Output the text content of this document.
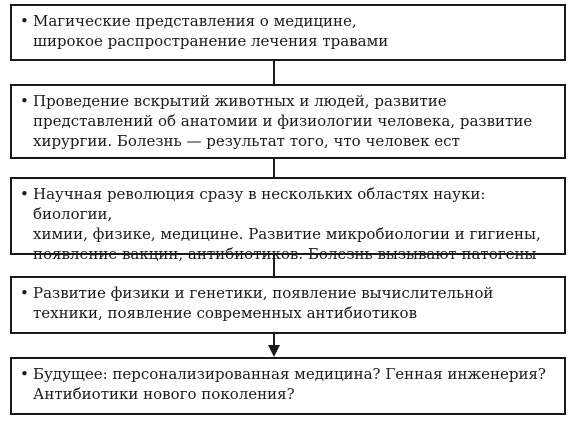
• Магические представления о медицине,
широкое распространение лечения травами
• Проведение вскрытий животных и людей, развитие
представлений об анатомии и физиологии человека, развитие
хирургии. Болезнь — результат того, что человек ест
• Научная революция сразу в нескольких областях науки: биологии,
химии, физике, медицине. Развитие микробиологии и гигиены,
появление вакцин, антибиотиков. Болезнь вызывают патогены
• Развитие физики и генетики, появление вычислительной
техники, появление современных антибиотиков
• Будущее: персонализированная медицина? Генная инженерия?
Антибиотики нового поколения?
